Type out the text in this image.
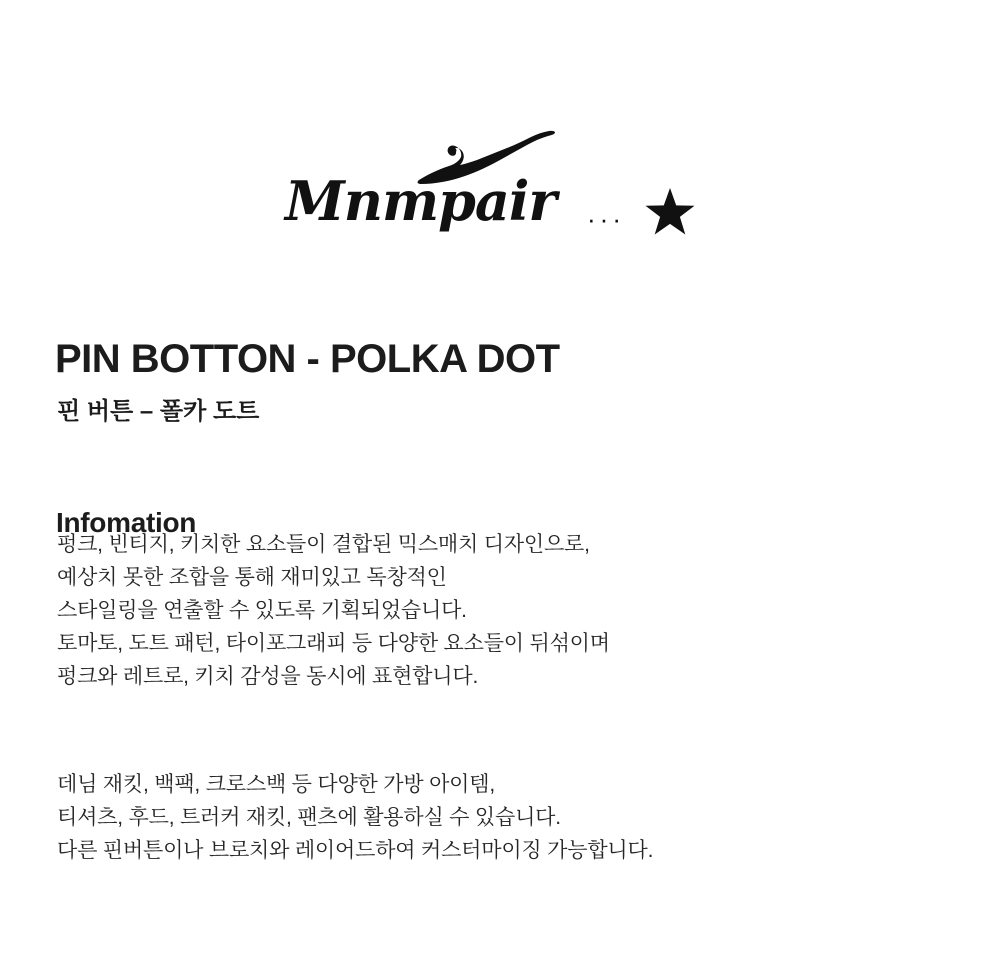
Mnmpair	···
PIN BOTTON - POLKA DOT
핀 버튼 – 폴카 도트
Infomation
펑크, 빈티지, 키치한 요소들이 결합된 믹스매치 디자인으로,
예상치 못한 조합을 통해 재미있고 독창적인
스타일링을 연출할 수 있도록 기획되었습니다.
토마토, 도트 패턴, 타이포그래피 등 다양한 요소들이 뒤섞이며
펑크와 레트로, 키치 감성을 동시에 표현합니다.
데님 재킷, 백팩, 크로스백 등 다양한 가방 아이템,
티셔츠, 후드, 트러커 재킷, 팬츠에 활용하실 수 있습니다.
다른 핀버튼이나 브로치와 레이어드하여 커스터마이징 가능합니다.
